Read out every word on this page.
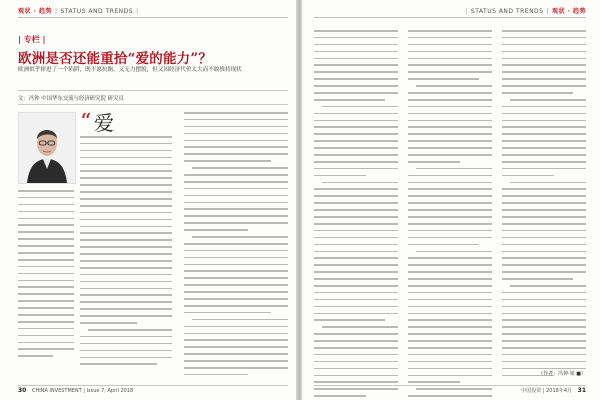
观状 · 趋势 | STATUS AND TRENDS |
| 专栏 |
欧洲是否还能重拾“爱的能力”？
欧洲似乎摔进了一个陷阱，既不愿抗衡，又无力摆脱，但又因经济代价太大而不敢推持现状
文：冯钟 中国华东交流与经济研究院 研究员
“ 爱
30 CHINA INVESTMENT | Issue 7, April 2018
| STATUS AND TRENDS | 观状 · 趋势
（作者：冯钟·梁 ■）
中国投资 | 2018年4月 31
